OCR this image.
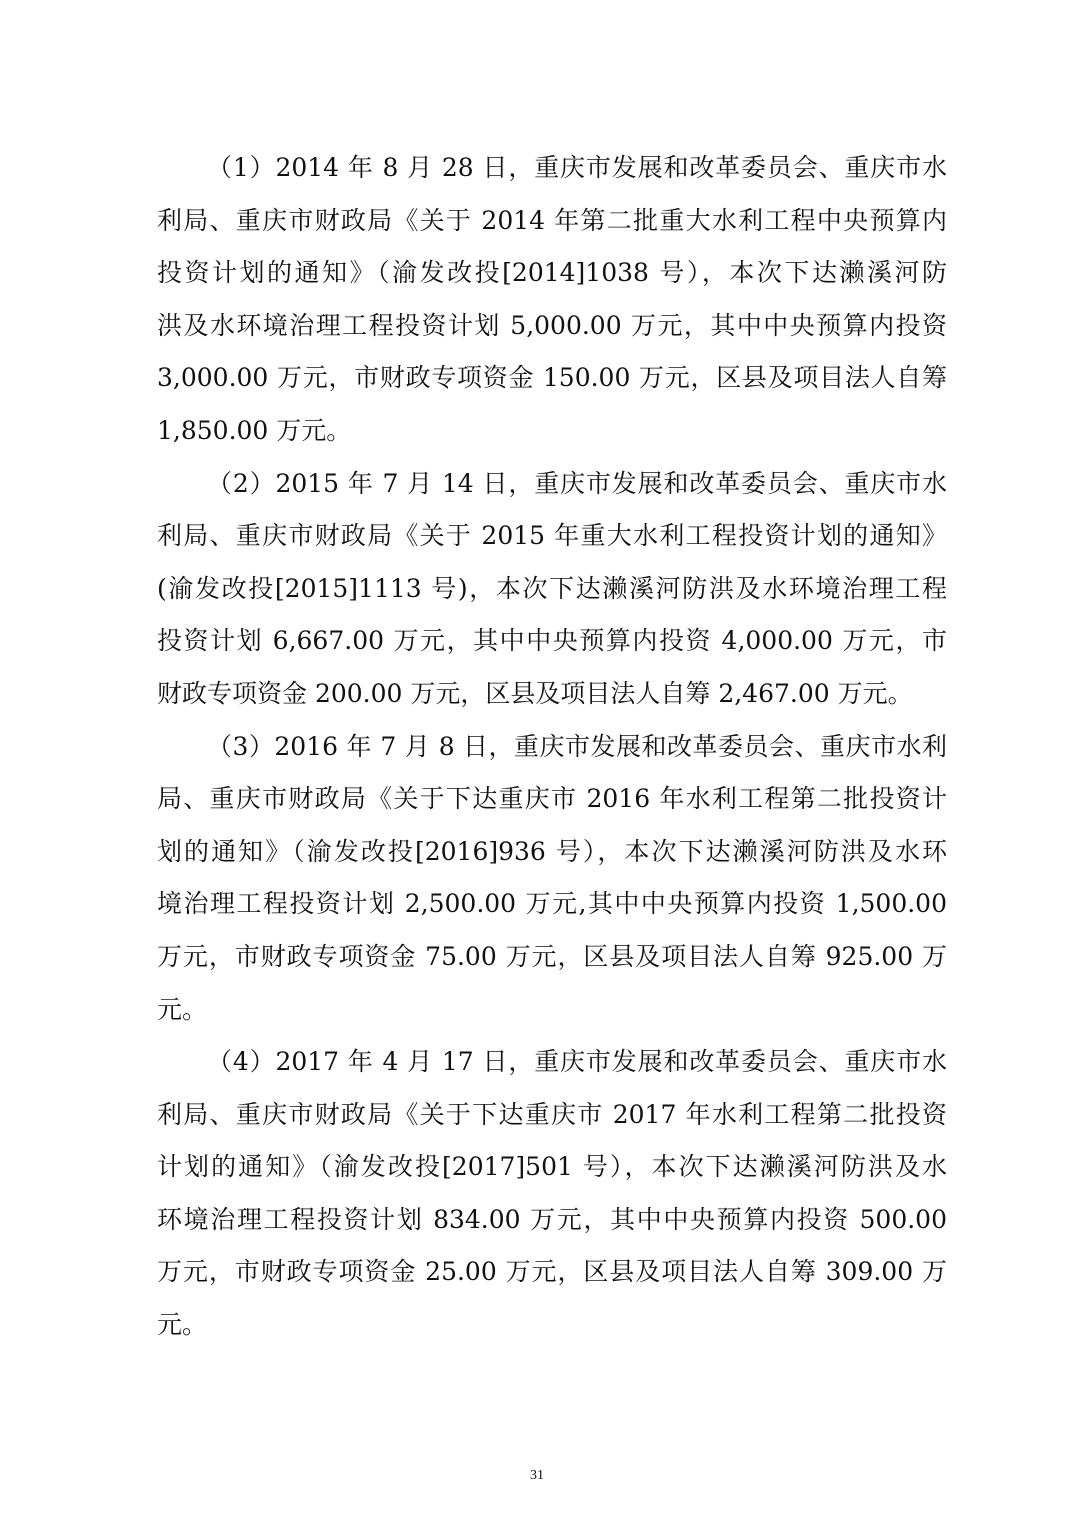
（1）2014 年 8 月 28 日，重庆市发展和改革委员会、重庆市水
利局、重庆市财政局《关于 2014 年第二批重大水利工程中央预算内
投资计划的通知》（渝发改投[2014]1038 号），本次下达濑溪河防
洪及水环境治理工程投资计划 5,000.00 万元，其中中央预算内投资
3,000.00 万元，市财政专项资金 150.00 万元，区县及项目法人自筹
1,850.00 万元。
（2）2015 年 7 月 14 日，重庆市发展和改革委员会、重庆市水
利局、重庆市财政局《关于 2015 年重大水利工程投资计划的通知》
(渝发改投[2015]1113 号)，本次下达濑溪河防洪及水环境治理工程
投资计划 6,667.00 万元，其中中央预算内投资 4,000.00 万元，市
财政专项资金 200.00 万元，区县及项目法人自筹 2,467.00 万元。
（3）2016 年 7 月 8 日，重庆市发展和改革委员会、重庆市水利
局、重庆市财政局《关于下达重庆市 2016 年水利工程第二批投资计
划的通知》（渝发改投[2016]936 号），本次下达濑溪河防洪及水环
境治理工程投资计划 2,500.00 万元,其中中央预算内投资 1,500.00
万元，市财政专项资金 75.00 万元，区县及项目法人自筹 925.00 万
元。
（4）2017 年 4 月 17 日，重庆市发展和改革委员会、重庆市水
利局、重庆市财政局《关于下达重庆市 2017 年水利工程第二批投资
计划的通知》（渝发改投[2017]501 号），本次下达濑溪河防洪及水
环境治理工程投资计划 834.00 万元，其中中央预算内投资 500.00
万元，市财政专项资金 25.00 万元，区县及项目法人自筹 309.00 万
元。
31
